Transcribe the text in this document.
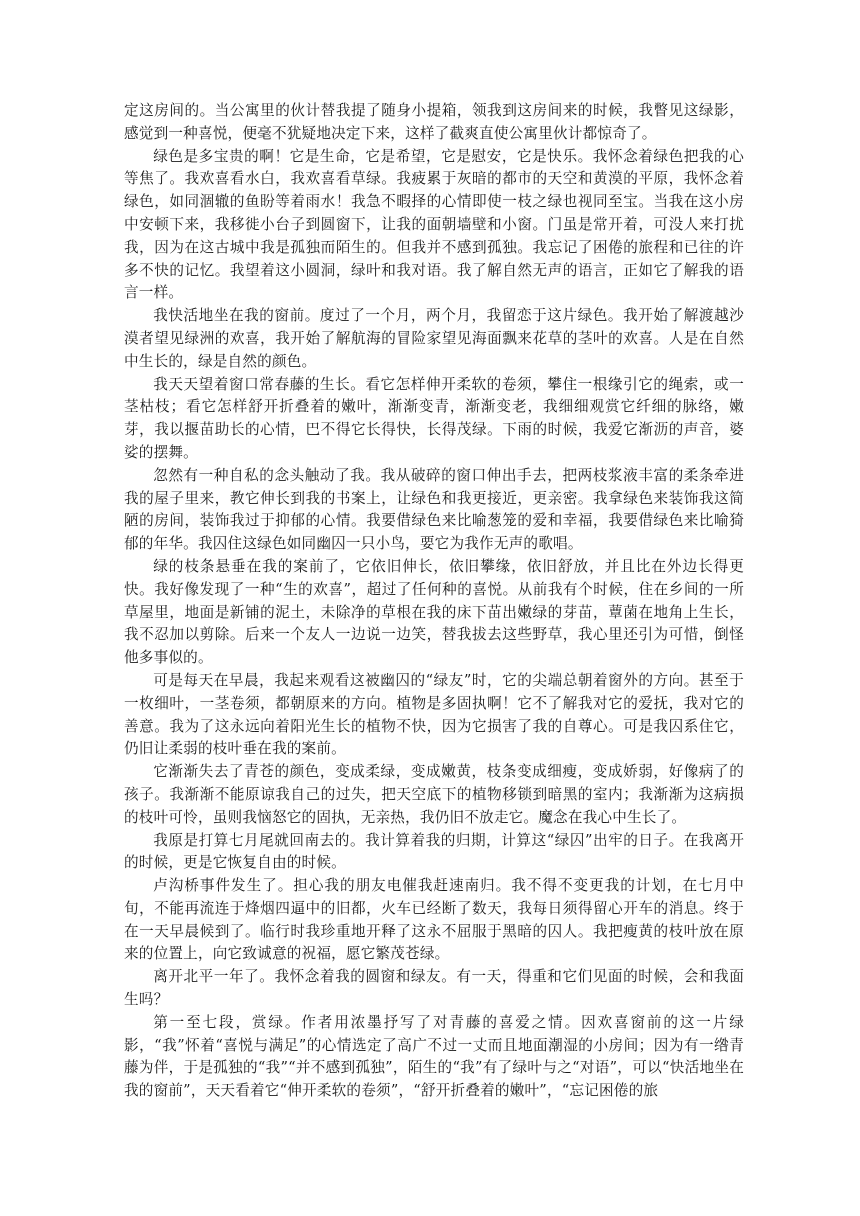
定这房间的。当公寓里的伙计替我提了随身小提箱，领我到这房间来的时候，我瞥见这绿影，感觉到一种喜悦，便毫不犹疑地决定下来，这样了截爽直使公寓里伙计都惊奇了。

绿色是多宝贵的啊！它是生命，它是希望，它是慰安，它是快乐。我怀念着绿色把我的心等焦了。我欢喜看水白，我欢喜看草绿。我疲累于灰暗的都市的天空和黄漠的平原，我怀念着绿色，如同涸辙的鱼盼等着雨水！我急不暇择的心情即使一枝之绿也视同至宝。当我在这小房中安顿下来，我移徙小台子到圆窗下，让我的面朝墙壁和小窗。门虽是常开着，可没人来打扰我，因为在这古城中我是孤独而陌生的。但我并不感到孤独。我忘记了困倦的旅程和已往的许多不快的记忆。我望着这小圆洞，绿叶和我对语。我了解自然无声的语言，正如它了解我的语言一样。

我快活地坐在我的窗前。度过了一个月，两个月，我留恋于这片绿色。我开始了解渡越沙漠者望见绿洲的欢喜，我开始了解航海的冒险家望见海面飘来花草的茎叶的欢喜。人是在自然中生长的，绿是自然的颜色。

我天天望着窗口常春藤的生长。看它怎样伸开柔软的卷须，攀住一根缘引它的绳索，或一茎枯枝；看它怎样舒开折叠着的嫩叶，渐渐变青，渐渐变老，我细细观赏它纤细的脉络，嫩芽，我以揠苗助长的心情，巴不得它长得快，长得茂绿。下雨的时候，我爱它渐沥的声音，婆娑的摆舞。

忽然有一种自私的念头触动了我。我从破碎的窗口伸出手去，把两枝浆液丰富的柔条牵进我的屋子里来，教它伸长到我的书案上，让绿色和我更接近，更亲密。我拿绿色来装饰我这简陋的房间，装饰我过于抑郁的心情。我要借绿色来比喻葱笼的爱和幸福，我要借绿色来比喻猗郁的年华。我囚住这绿色如同幽囚一只小鸟，要它为我作无声的歌唱。

绿的枝条悬垂在我的案前了，它依旧伸长，依旧攀缘，依旧舒放，并且比在外边长得更快。我好像发现了一种“生的欢喜”，超过了任何种的喜悦。从前我有个时候，住在乡间的一所草屋里，地面是新铺的泥土，未除净的草根在我的床下苗出嫩绿的芽苗，蕈菌在地角上生长，我不忍加以剪除。后来一个友人一边说一边笑，替我拔去这些野草，我心里还引为可惜，倒怪他多事似的。

可是每天在早晨，我起来观看这被幽囚的“绿友”时，它的尖端总朝着窗外的方向。甚至于一枚细叶，一茎卷须，都朝原来的方向。植物是多固执啊！它不了解我对它的爱抚，我对它的善意。我为了这永远向着阳光生长的植物不快，因为它损害了我的自尊心。可是我囚系住它，仍旧让柔弱的枝叶垂在我的案前。

它渐渐失去了青苍的颜色，变成柔绿，变成嫩黄，枝条变成细瘦，变成娇弱，好像病了的孩子。我渐渐不能原谅我自己的过失，把天空底下的植物移锁到暗黑的室内；我渐渐为这病损的枝叶可怜，虽则我恼怒它的固执，无亲热，我仍旧不放走它。魔念在我心中生长了。

我原是打算七月尾就回南去的。我计算着我的归期，计算这“绿囚”出牢的日子。在我离开的时候，更是它恢复自由的时候。

卢沟桥事件发生了。担心我的朋友电催我赶速南归。我不得不变更我的计划，在七月中旬，不能再流连于烽烟四逼中的旧都，火车已经断了数天，我每日须得留心开车的消息。终于在一天早晨候到了。临行时我珍重地开释了这永不屈服于黑暗的囚人。我把瘦黄的枝叶放在原来的位置上，向它致诚意的祝福，愿它繁茂苍绿。

离开北平一年了。我怀念着我的圆窗和绿友。有一天，得重和它们见面的时候，会和我面生吗？

第一至七段，赏绿。作者用浓墨抒写了对青藤的喜爱之情。因欢喜窗前的这一片绿影，“我”怀着“喜悦与满足”的心情选定了高广不过一丈而且地面潮湿的小房间；因为有一绺青藤为伴，于是孤独的“我”“并不感到孤独”，陌生的“我”有了绿叶与之“对语”，可以“快活地坐在我的窗前”，天天看着它“伸开柔软的卷须”，“舒开折叠着的嫩叶”，“忘记困倦的旅
